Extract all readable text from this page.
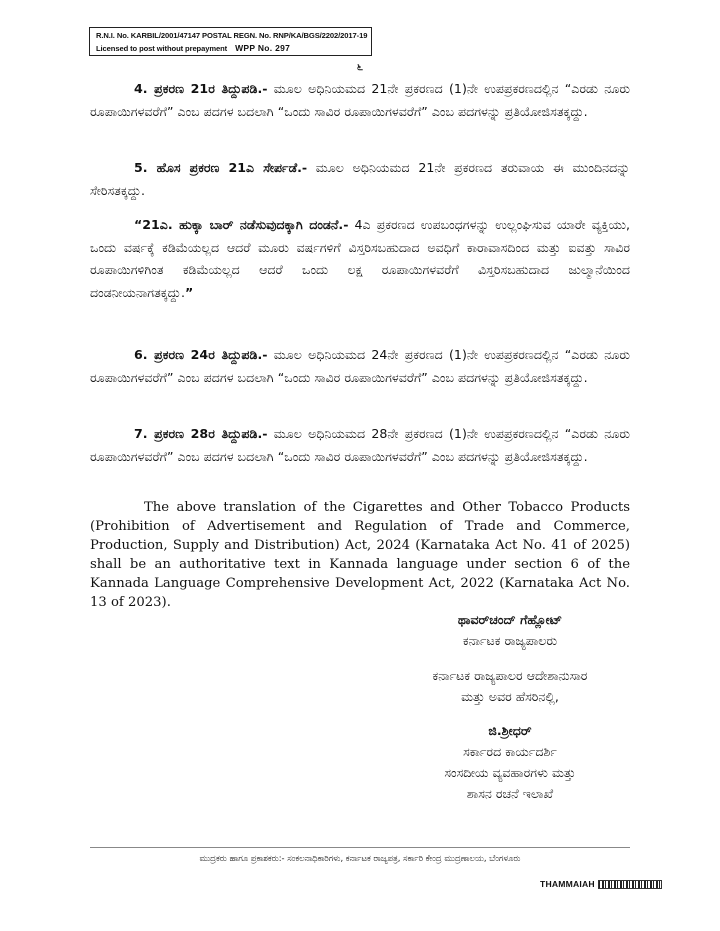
R.N.I. No. KARBIL/2001/47147 POSTAL REGN. No. RNP/KA/BGS/2202/2017-19
Licensed to post without prepayment WPP No. 297
೬

4. ಪ್ರಕರಣ 21ರ ತಿದ್ದುಪಡಿ.- ಮೂಲ ಅಧಿನಿಯಮದ 21ನೇ ಪ್ರಕರಣದ (1)ನೇ ಉಪಪ್ರಕರಣದಲ್ಲಿನ “ಎರಡು ನೂರು ರೂಪಾಯಿಗಳವರೆಗೆ” ಎಂಬ ಪದಗಳ ಬದಲಾಗಿ “ಒಂದು ಸಾವಿರ ರೂಪಾಯಿಗಳವರೆಗೆ” ಎಂಬ ಪದಗಳನ್ನು ಪ್ರತಿಯೋಜಿಸತಕ್ಕದ್ದು.

5. ಹೊಸ ಪ್ರಕರಣ 21ಎ ಸೇರ್ಪಡೆ.- ಮೂಲ ಅಧಿನಿಯಮದ 21ನೇ ಪ್ರಕರಣದ ತರುವಾಯ ಈ ಮುಂದಿನದನ್ನು ಸೇರಿಸತಕ್ಕದ್ದು.

“21ಎ. ಹುಕ್ಕಾ ಬಾರ್ ನಡೆಸುವುದಕ್ಕಾಗಿ ದಂಡನೆ.- 4ಎ ಪ್ರಕರಣದ ಉಪಬಂಧಗಳನ್ನು ಉಲ್ಲಂಘಿಸುವ ಯಾರೇ ವ್ಯಕ್ತಿಯು, ಒಂದು ವರ್ಷಕ್ಕೆ ಕಡಿಮೆಯಲ್ಲದ ಆದರೆ ಮೂರು ವರ್ಷಗಳಿಗೆ ವಿಸ್ತರಿಸಬಹುದಾದ ಅವಧಿಗೆ ಕಾರಾವಾಸದಿಂದ ಮತ್ತು ಐವತ್ತು ಸಾವಿರ ರೂಪಾಯಿಗಳಿಗಿಂತ ಕಡಿಮೆಯಲ್ಲದ ಆದರೆ ಒಂದು ಲಕ್ಷ ರೂಪಾಯಿಗಳವರೆಗೆ ವಿಸ್ತರಿಸಬಹುದಾದ ಜುಲ್ಮಾನೆಯಿಂದ ದಂಡನೀಯನಾಗತಕ್ಕದ್ದು.”

6. ಪ್ರಕರಣ 24ರ ತಿದ್ದುಪಡಿ.- ಮೂಲ ಅಧಿನಿಯಮದ 24ನೇ ಪ್ರಕರಣದ (1)ನೇ ಉಪಪ್ರಕರಣದಲ್ಲಿನ “ಎರಡು ನೂರು ರೂಪಾಯಿಗಳವರೆಗೆ” ಎಂಬ ಪದಗಳ ಬದಲಾಗಿ “ಒಂದು ಸಾವಿರ ರೂಪಾಯಿಗಳವರೆಗೆ” ಎಂಬ ಪದಗಳನ್ನು ಪ್ರತಿಯೋಜಿಸತಕ್ಕದ್ದು.

7. ಪ್ರಕರಣ 28ರ ತಿದ್ದುಪಡಿ.- ಮೂಲ ಅಧಿನಿಯಮದ 28ನೇ ಪ್ರಕರಣದ (1)ನೇ ಉಪಪ್ರಕರಣದಲ್ಲಿನ “ಎರಡು ನೂರು ರೂಪಾಯಿಗಳವರೆಗೆ” ಎಂಬ ಪದಗಳ ಬದಲಾಗಿ “ಒಂದು ಸಾವಿರ ರೂಪಾಯಿಗಳವರೆಗೆ” ಎಂಬ ಪದಗಳನ್ನು ಪ್ರತಿಯೋಜಿಸತಕ್ಕದ್ದು.

The above translation of the Cigarettes and Other Tobacco Products (Prohibition of Advertisement and Regulation of Trade and Commerce, Production, Supply and Distribution) Act, 2024 (Karnataka Act No. 41 of 2025) shall be an authoritative text in Kannada language under section 6 of the Kannada Language Comprehensive Development Act, 2022 (Karnataka Act No. 13 of 2023).

ಥಾವರ್‌ಚಂದ್ ಗೆಹ್ಲೋಟ್
ಕರ್ನಾಟಕ ರಾಜ್ಯಪಾಲರು
ಕರ್ನಾಟಕ ರಾಜ್ಯಪಾಲರ ಆದೇಶಾನುಸಾರ
ಮತ್ತು ಅವರ ಹೆಸರಿನಲ್ಲಿ,
ಜಿ.ಶ್ರೀಧರ್
ಸರ್ಕಾರದ ಕಾರ್ಯದರ್ಶಿ
ಸಂಸದೀಯ ವ್ಯವಹಾರಗಳು ಮತ್ತು
ಶಾಸನ ರಚನೆ ಇಲಾಖೆ
ಮುದ್ರಕರು ಹಾಗೂ ಪ್ರಕಾಶಕರು:- ಸಂಕಲನಾಧಿಕಾರಿಗಳು, ಕರ್ನಾಟಕ ರಾಜ್ಯಪತ್ರ, ಸರ್ಕಾರಿ ಕೇಂದ್ರ ಮುದ್ರಣಾಲಯ, ಬೆಂಗಳೂರು
THAMMAIAH
